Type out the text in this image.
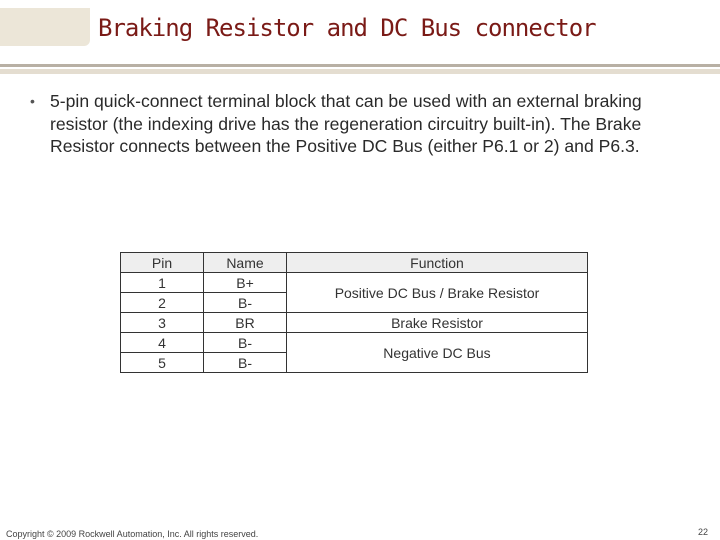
Braking Resistor and DC Bus connector
• 5-pin quick-connect terminal block that can be used with an external braking resistor (the indexing drive has the regeneration circuitry built-in). The Brake Resistor connects between the Positive DC Bus (either P6.1 or 2) and P6.3.
Pin	Name	Function
1	B+	Positive DC Bus / Brake Resistor
2	B-	
3	BR	Brake Resistor
4	B-	Negative DC Bus
5	B-	
Copyright © 2009 Rockwell Automation, Inc. All rights reserved.	22
